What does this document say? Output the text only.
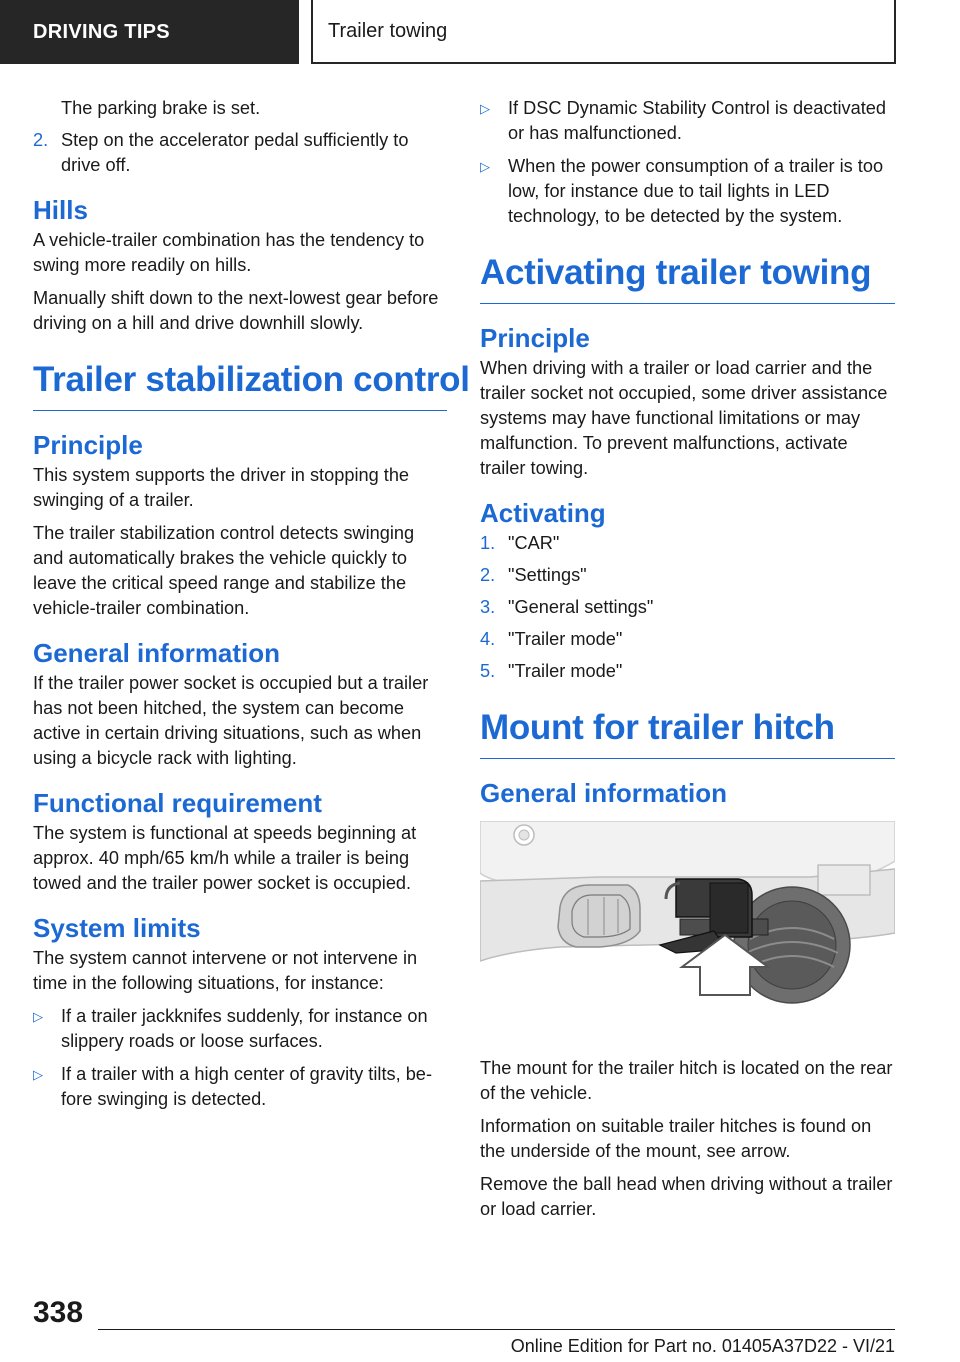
DRIVING TIPS	Trailer towing

The parking brake is set.

2. Step on the accelerator pedal sufficiently to drive off.
Hills

A vehicle-trailer combination has the tendency to swing more readily on hills.

Manually shift down to the next-lowest gear before driving on a hill and drive downhill slowly.

Trailer stabilization control
Principle

This system supports the driver in stopping the swinging of a trailer.

The trailer stabilization control detects swinging and automatically brakes the vehicle quickly to leave the critical speed range and stabilize the vehicle-trailer combination.

General information

If the trailer power socket is occupied but a trailer has not been hitched, the system can become active in certain driving situations, such as when using a bicycle rack with lighting.

Functional requirement

The system is functional at speeds beginning at approx. 40 mph/65 km/h while a trailer is being towed and the trailer power socket is occupied.

System limits

The system cannot intervene or not intervene in time in the following situations, for instance:

▷ If a trailer jackknifes suddenly, for instance on slippery roads or loose surfaces.
▷ If a trailer with a high center of gravity tilts, before swinging is detected.
▷ If DSC Dynamic Stability Control is deactivated or has malfunctioned.
▷ When the power consumption of a trailer is too low, for instance due to tail lights in LED technology, to be detected by the system.
Activating trailer towing
Principle

When driving with a trailer or load carrier and the trailer socket not occupied, some driver assistance systems may have functional limitations or may malfunction. To prevent malfunctions, activate trailer towing.

Activating
1. "CAR"
2. "Settings"
3. "General settings"
4. "Trailer mode"
5. "Trailer mode"
Mount for trailer hitch
General information

The mount for the trailer hitch is located on the rear of the vehicle.

Information on suitable trailer hitches is found on the underside of the mount, see arrow.

Remove the ball head when driving without a trailer or load carrier.

338
Online Edition for Part no. 01405A37D22 - VI/21
